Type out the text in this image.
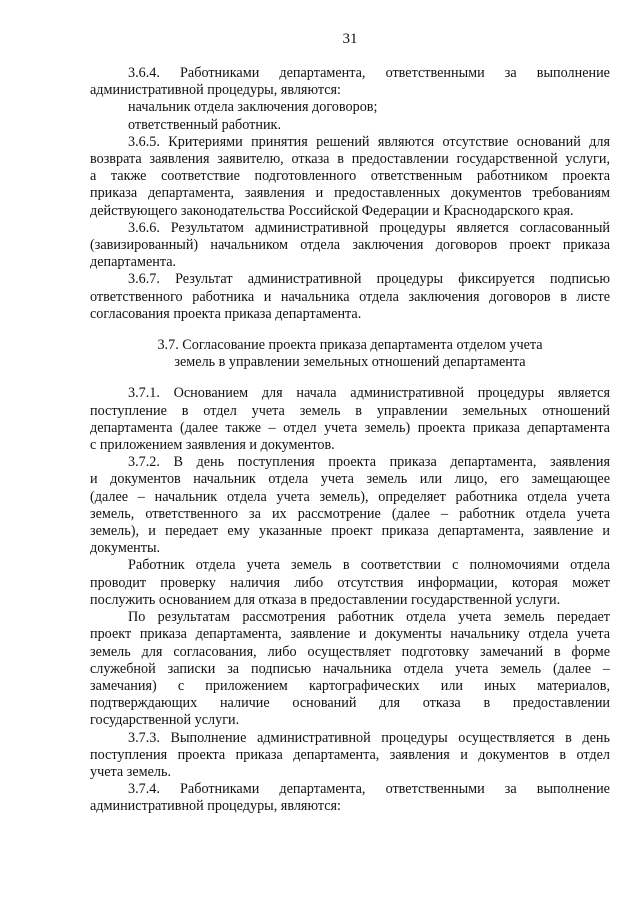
31
3.6.4. Работниками департамента, ответственными за выполнение
административной процедуры, являются:
начальник отдела заключения договоров;
ответственный работник.
3.6.5. Критериями принятия решений являются отсутствие оснований для
возврата заявления заявителю, отказа в предоставлении государственной услуги,
а также соответствие подготовленного ответственным работником проекта
приказа департамента, заявления и предоставленных документов требованиям
действующего законодательства Российской Федерации и Краснодарского края.
3.6.6. Результатом административной процедуры является согласованный
(завизированный) начальником отдела заключения договоров проект приказа
департамента.
3.6.7. Результат административной процедуры фиксируется подписью
ответственного работника и начальника отдела заключения договоров в листе
согласования проекта приказа департамента.
3.7. Согласование проекта приказа департамента отделом учета
земель в управлении земельных отношений департамента
3.7.1. Основанием для начала административной процедуры является
поступление в отдел учета земель в управлении земельных отношений
департамента (далее также – отдел учета земель) проекта приказа департамента
с приложением заявления и документов.
3.7.2. В день поступления проекта приказа департамента, заявления
и документов начальник отдела учета земель или лицо, его замещающее
(далее – начальник отдела учета земель), определяет работника отдела учета
земель, ответственного за их рассмотрение (далее – работник отдела учета
земель), и передает ему указанные проект приказа департамента, заявление и
документы.
Работник отдела учета земель в соответствии с полномочиями отдела
проводит проверку наличия либо отсутствия информации, которая может
послужить основанием для отказа в предоставлении государственной услуги.
По результатам рассмотрения работник отдела учета земель передает
проект приказа департамента, заявление и документы начальнику отдела учета
земель для согласования, либо осуществляет подготовку замечаний в форме
служебной записки за подписью начальника отдела учета земель (далее –
замечания) с приложением картографических или иных материалов,
подтверждающих наличие оснований для отказа в предоставлении
государственной услуги.
3.7.3. Выполнение административной процедуры осуществляется в день
поступления проекта приказа департамента, заявления и документов в отдел
учета земель.
3.7.4. Работниками департамента, ответственными за выполнение
административной процедуры, являются:
